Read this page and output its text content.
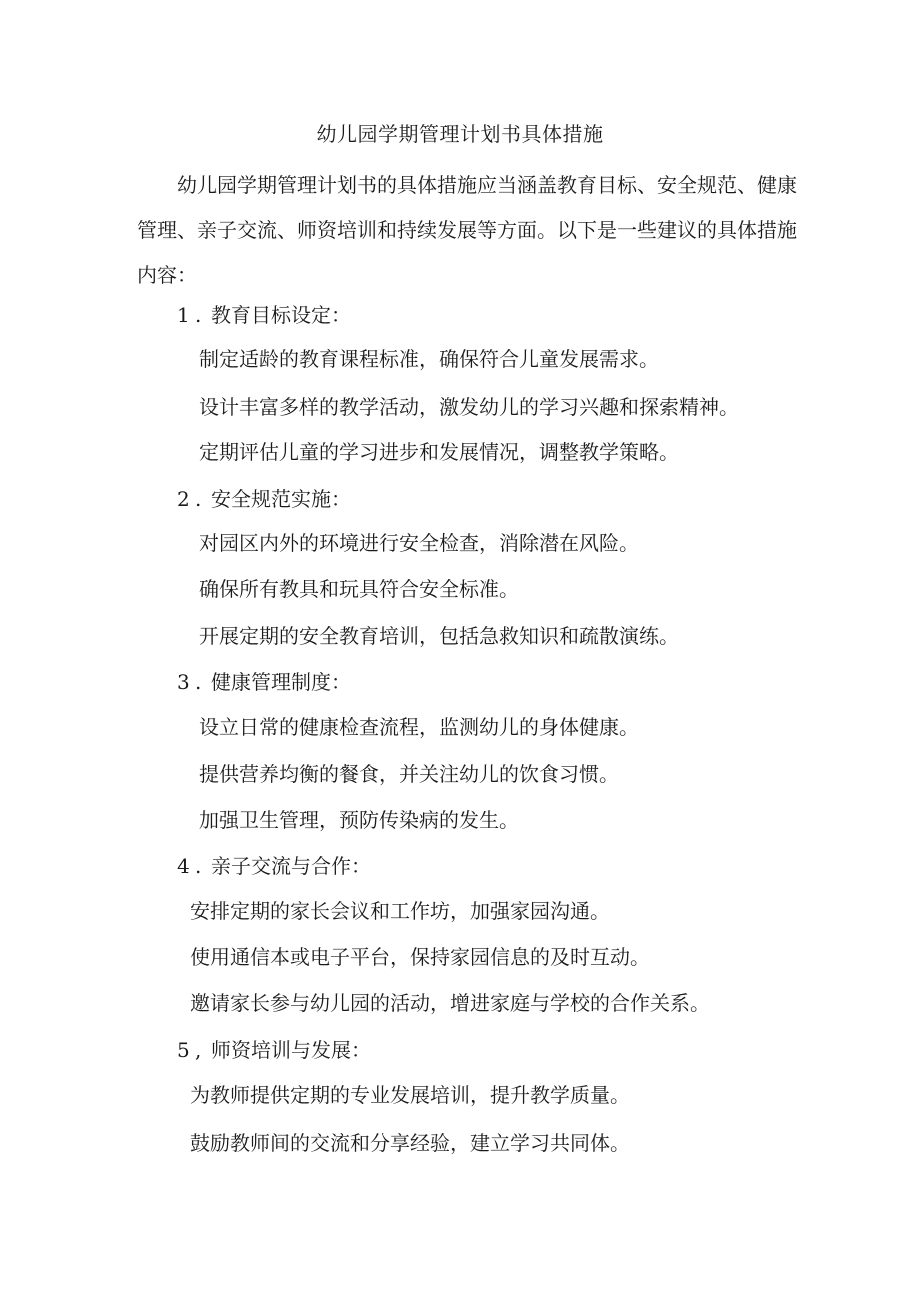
幼儿园学期管理计划书具体措施

幼儿园学期管理计划书的具体措施应当涵盖教育目标、安全规范、健康管理、亲子交流、师资培训和持续发展等方面。以下是一些建议的具体措施内容：

1 . 教育目标设定：
制定适龄的教育课程标准，确保符合儿童发展需求。
设计丰富多样的教学活动，激发幼儿的学习兴趣和探索精神。
定期评估儿童的学习进步和发展情况，调整教学策略。
2 . 安全规范实施：
对园区内外的环境进行安全检查，消除潜在风险。
确保所有教具和玩具符合安全标准。
开展定期的安全教育培训，包括急救知识和疏散演练。
3 . 健康管理制度：
设立日常的健康检查流程，监测幼儿的身体健康。
提供营养均衡的餐食，并关注幼儿的饮食习惯。
加强卫生管理，预防传染病的发生。
4 . 亲子交流与合作：
安排定期的家长会议和工作坊，加强家园沟通。
使用通信本或电子平台，保持家园信息的及时互动。
邀请家长参与幼儿园的活动，增进家庭与学校的合作关系。
5 , 师资培训与发展：
为教师提供定期的专业发展培训，提升教学质量。
鼓励教师间的交流和分享经验，建立学习共同体。
